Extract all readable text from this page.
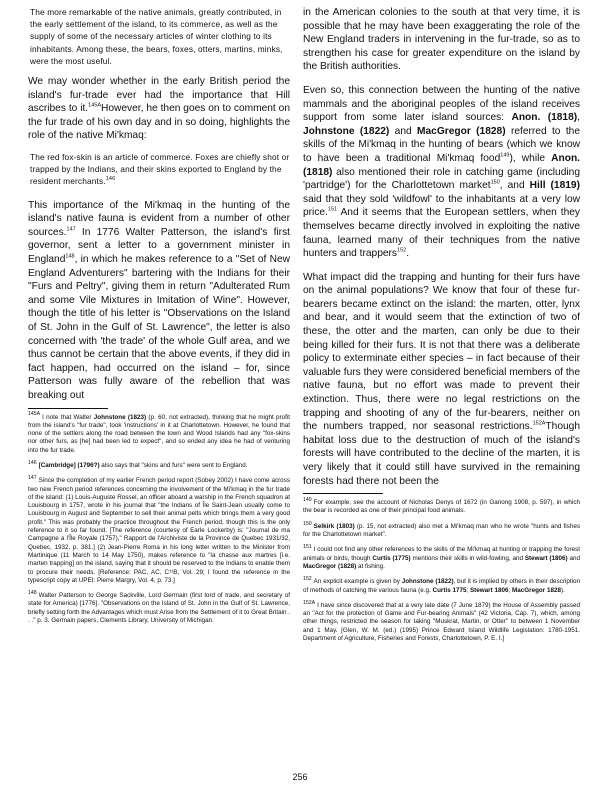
The more remarkable of the native animals, greatly contributed, in the early settlement of the island, to its commerce, as well as the supply of some of the necessary articles of winter clothing to its inhabitants. Among these, the bears, foxes, otters, martins, minks, were the most useful.

We may wonder whether in the early British period the island's fur-trade ever had the importance that Hill ascribes to it.$^{145A}$However, he then goes on to comment on the fur trade of his own day and in so doing, highlights the role of the native Mi'kmaq:

The red fox-skin is an article of commerce. Foxes are chiefly shot or trapped by the Indians, and their skins exported to England by the resident merchants.$^{146}$

This importance of the Mi'kmaq in the hunting of the island's native fauna is evident from a number of other sources.$^{147}$ In 1776 Walter Patterson, the island's first governor, sent a letter to a government minister in England$^{148}$, in which he makes reference to a "Set of New England Adventurers" bartering with the Indians for their "Furs and Peltry", giving them in return "Adulterated Rum and some Vile Mixtures in Imitation of Wine". However, though the title of his letter is "Observations on the Island of St. John in the Gulf of St. Lawrence", the letter is also concerned with 'the trade' of the whole Gulf area, and we thus cannot be certain that the above events, if they did in fact happen, had occurred on the island – for, since Patterson was fully aware of the rebellion that was breaking out

$^{145A}$ I note that Walter Johnstone (1823) (p. 60, not extracted), thinking that he might profit from the island's "fur trade", took 'instructions' in it at Charlottetown. However, he found that none of the settlers along the road between the town and Wood Islands had any "fox-skins nor other furs, as [he] had been led to expect", and so ended any idea he had of venturing into the fur trade.

$^{146}$ [Cambridge] (1796?) also says that "skins and furs" were sent to England.

$^{147}$ Since the completion of my earlier French period report (Sobey 2002) I have come across two new French period references concerning the involvement of the Mi'kmaq in the fur trade of the island: (1) Louis-Auguste Rossel, an officer aboard a warship in the French squadron at Louisbourg in 1757, wrote in his journal that "the Indians of Île Saint-Jean usually come to Louisbourg in August and September to sell their animal pelts which brings them a very good profit." This was probably the practice throughout the French period, though this is the only reference to it so far found. [The reference (courtesy of Earle Lockerby) is: "Journal de ma Campagne a l'Île Royale (1757)," Rapport de l'Archiviste de la Province de Quebec 1931/32, Quebec, 1932, p. 381.] (2) Jean-Pierre Roma in his long letter written to the Minister from Martinique (11 March to 14 May 1750), makes reference to "la chasse aux martres [i.e. marten trapping] on the island, saying that it should be reserved to the Indians to enable them to procure their needs. [Reference: PAC, AC, C¹¹B, Vol. 29; I found the reference in the typescript copy at UPEI: Pierre Margry, Vol. 4, p. 73.]

$^{148}$ Walter Patterson to George Sackville, Lord Germain (first lord of trade, and secretary of state for America) [1776]. "Observations on the Island of St. John in the Gulf of St. Lawrence, briefly setting forth the Advantages which must Arise from the Settlement of it to Great Britain . . ." p. 3. Germain papers, Clements Library, University of Michigan.

in the American colonies to the south at that very time, it is possible that he may have been exaggerating the role of the New England traders in intervening in the fur-trade, so as to strengthen his case for greater expenditure on the island by the British authorities.

Even so, this connection between the hunting of the native mammals and the aboriginal peoples of the island receives support from some later island sources: Anon. (1818), Johnstone (1822) and MacGregor (1828) referred to the skills of the Mi'kmaq in the hunting of bears (which we know to have been a traditional Mi'kmaq food$^{149}$), while Anon. (1818) also mentioned their role in catching game (including 'partridge') for the Charlottetown market$^{150}$, and Hill (1819) said that they sold 'wildfowl' to the inhabitants at a very low price.$^{151}$ And it seems that the European settlers, when they themselves became directly involved in exploiting the native fauna, learned many of their techniques from the native hunters and trappers$^{152}$.

What impact did the trapping and hunting for their furs have on the animal populations? We know that four of these fur-bearers became extinct on the island: the marten, otter, lynx and bear, and it would seem that the extinction of two of these, the otter and the marten, can only be due to their being killed for their furs. It is not that there was a deliberate policy to exterminate either species – in fact because of their valuable furs they were considered beneficial members of the native fauna, but no effort was made to prevent their extinction. Thus, there were no legal restrictions on the trapping and shooting of any of the fur-bearers, neither on the numbers trapped, nor seasonal restrictions.$^{152A}$Though habitat loss due to the destruction of much of the island's forests will have contributed to the decline of the marten, it is very likely that it could still have survived in the remaining forests had there not been the

$^{149}$ For example, see the account of Nicholas Denys of 1672 (in Ganong 1908, p. 597), in which the bear is recorded as one of their principal food animals.

$^{150}$ Selkirk (1803) (p. 15, not extracted) also met a Mi'kmaq man who he wrote "hunts and fishes for the Charlottetown market".

$^{151}$ I could not find any other references to the skills of the Mi'kmaq at hunting or trapping the forest animals or birds, though Curtis (1775) mentions their skills in wild-fowling, and Stewart (1806) and MacGregor (1828) at fishing.

$^{152}$ An explicit example is given by Johnstone (1822), but it is implied by others in their description of methods of catching the various fauna (e.g. Curtis 1775; Stewart 1806; MacGregor 1828).

$^{152A}$ I have since discovered that at a very late date (7 June 1879) the House of Assembly passed an "Act for the protection of Game and Fur-bearing Animals" (42 Victoria, Cap. 7), which, among other things, restricted the season for taking "Muskrat, Martin, or Otter" to between 1 November and 1 May. [Glen, W. M. (ed.) (1995) Prince Edward Island Wildlife Legislation: 1780-1951. Department of Agriculture, Fisheries and Forests, Charlottetown, P. E. I.]

256
